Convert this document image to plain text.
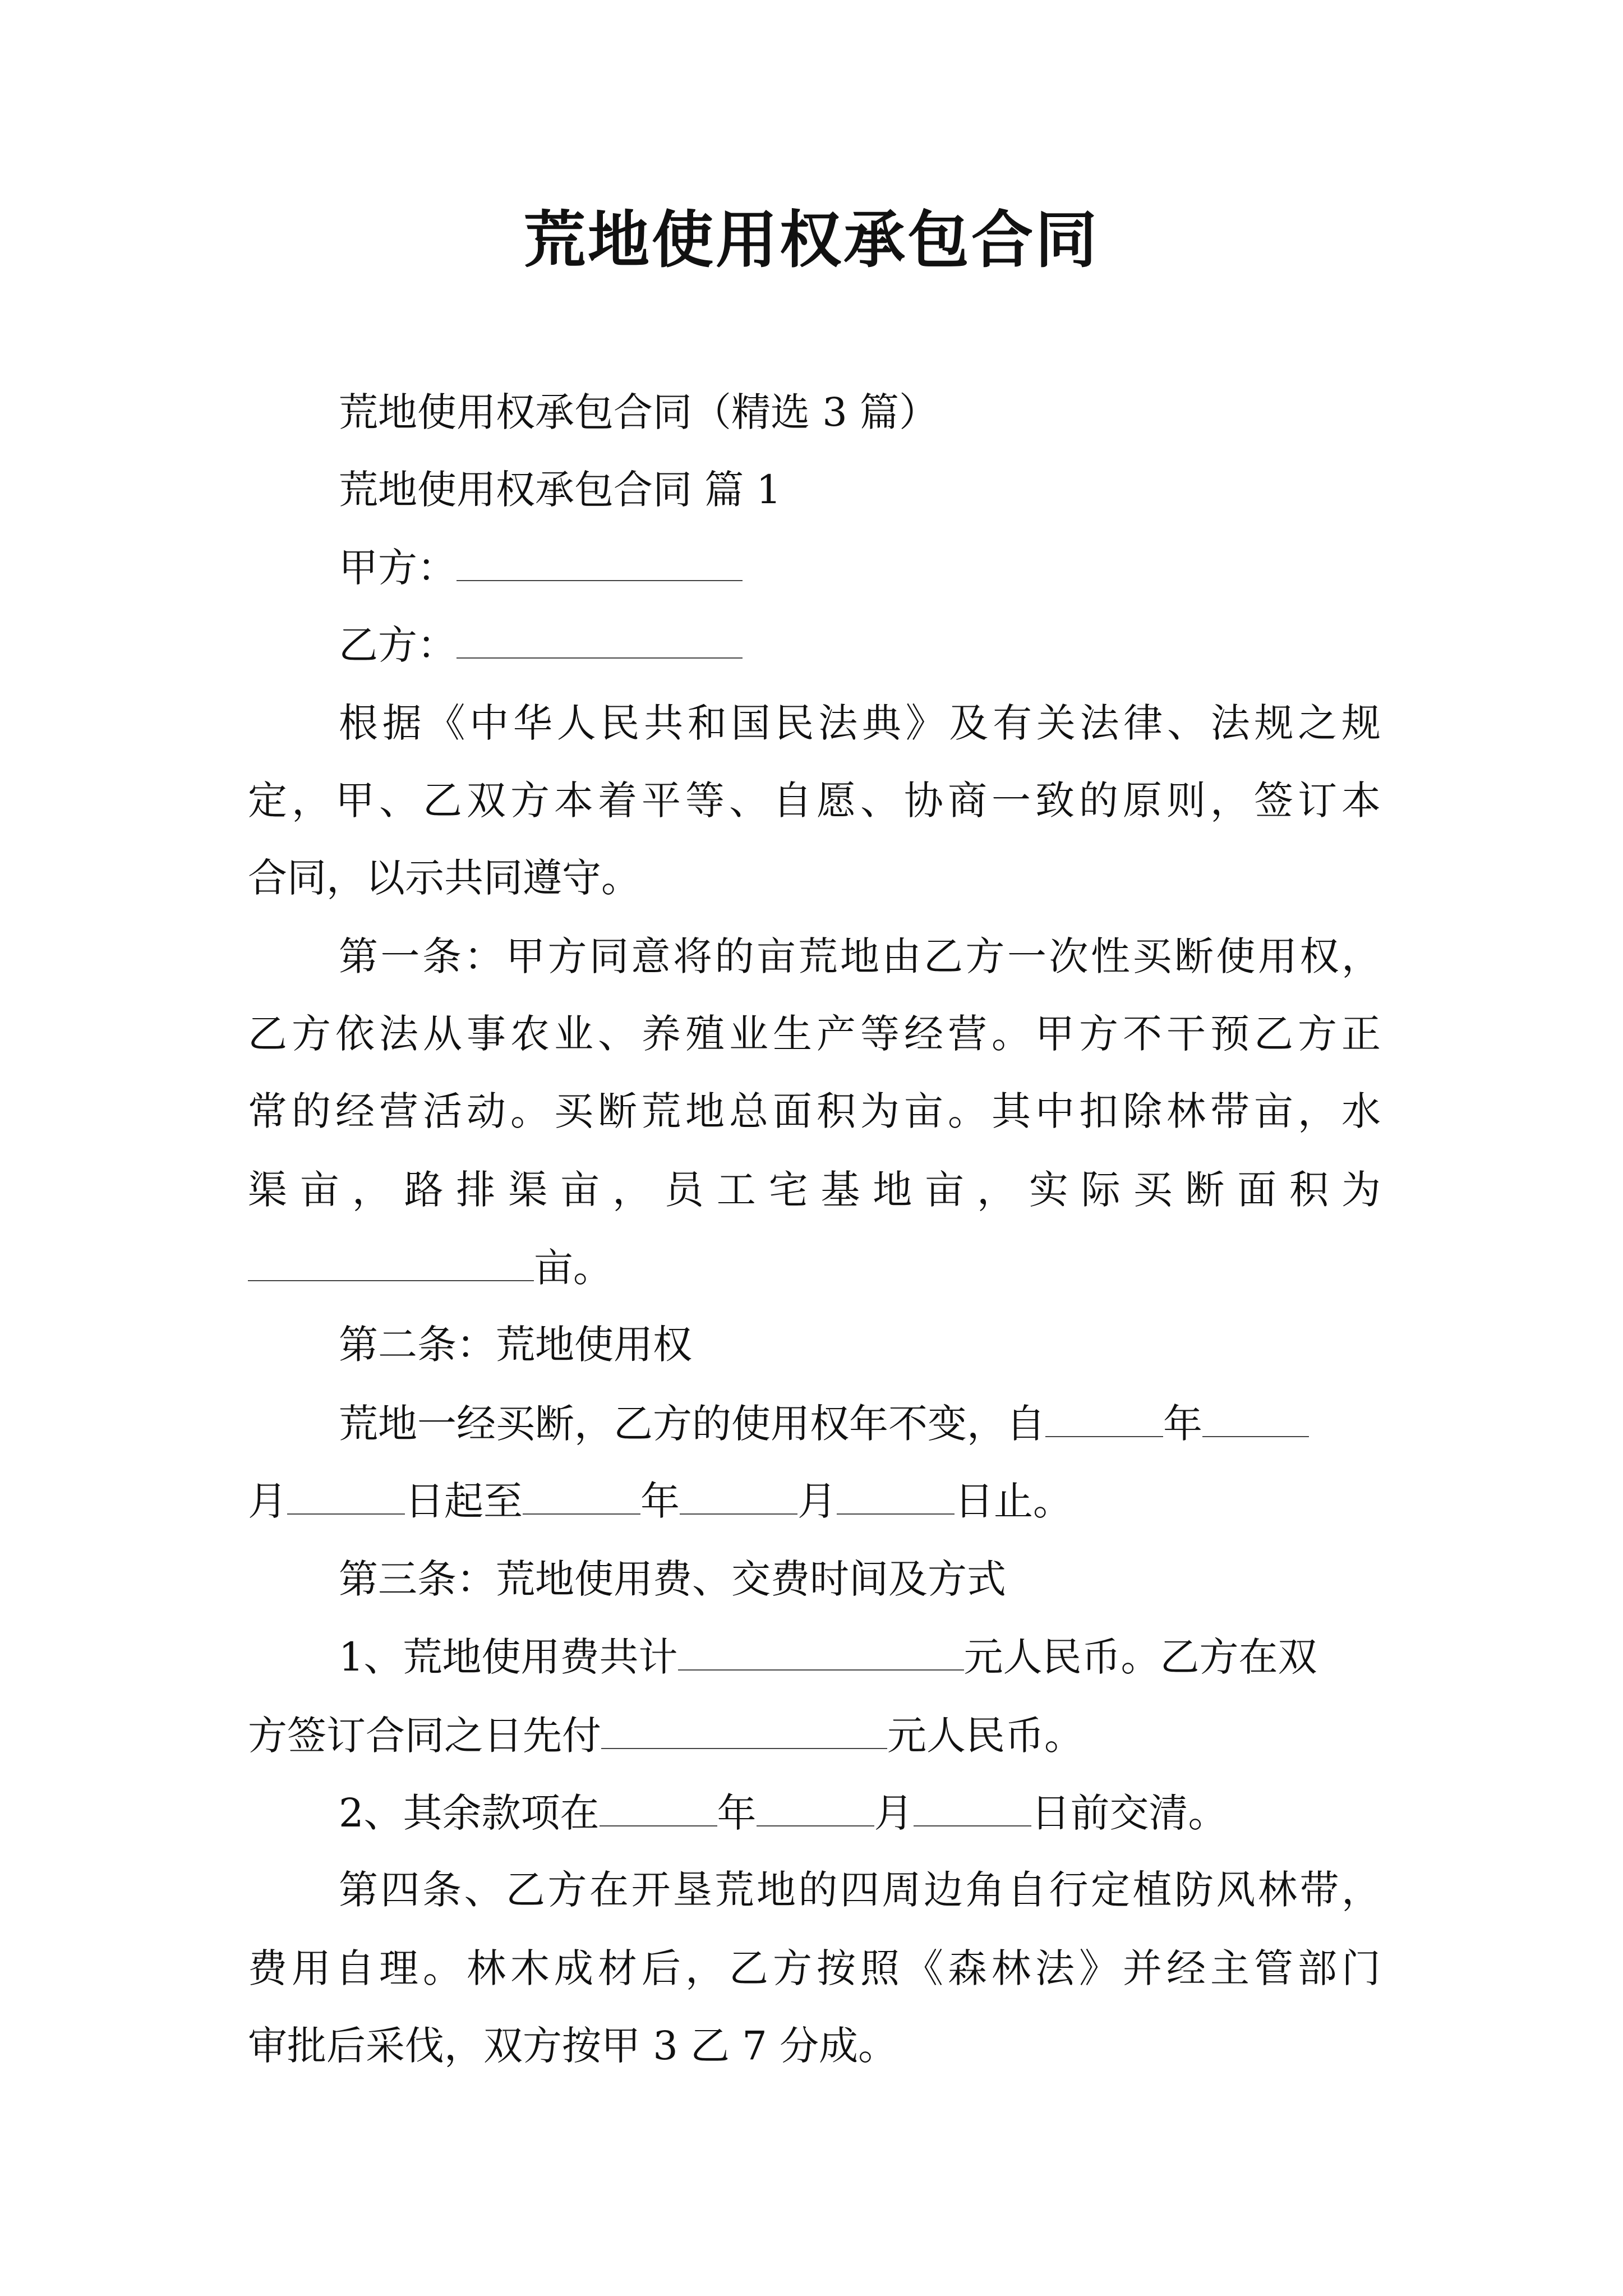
荒地使用权承包合同
荒地使用权承包合同（精选 3 篇）
荒地使用权承包合同 篇 1
甲方：
乙方：
根据《中华人民共和国民法典》及有关法律、法规之规
定，甲、乙双方本着平等、自愿、协商一致的原则，签订本
合同，以示共同遵守。
第一条：甲方同意将的亩荒地由乙方一次性买断使用权，
乙方依法从事农业、养殖业生产等经营。甲方不干预乙方正
常的经营活动。买断荒地总面积为亩。其中扣除林带亩，水
渠亩，路排渠亩，员工宅基地亩，实际买断面积为
亩。
第二条：荒地使用权
荒地一经买断，乙方的使用权年不变，自	年
月	日起至	年	月	日止。
第三条：荒地使用费、交费时间及方式
1、荒地使用费共计	元人民币。乙方在双
方签订合同之日先付	元人民币。
2、其余款项在	年	月	日前交清。
第四条、乙方在开垦荒地的四周边角自行定植防风林带，
费用自理。林木成材后，乙方按照《森林法》并经主管部门
审批后采伐，双方按甲 3 乙 7 分成。
